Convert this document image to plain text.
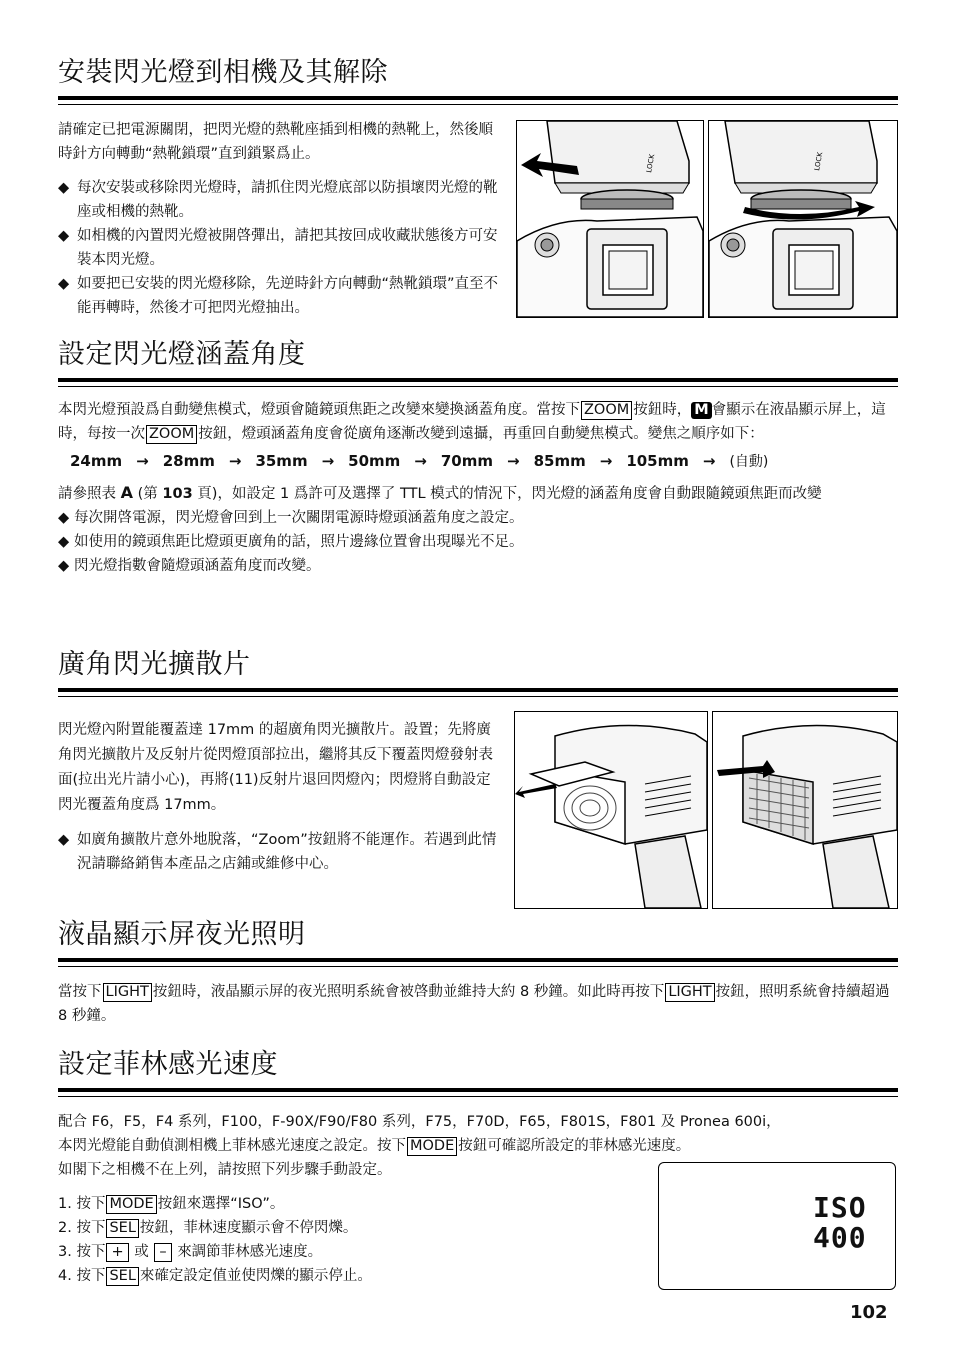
安裝閃光燈到相機及其解除
請確定已把電源關閉，把閃光燈的熱靴座插到相機的熱靴上，然後順時針方向轉動“熱靴鎖環”直到鎖緊爲止。
◆ 每次安裝或移除閃光燈時，請抓住閃光燈底部以防損壞閃光燈的靴座或相機的熱靴。
◆ 如相機的內置閃光燈被開啓彈出，請把其按回成收藏狀態後方可安裝本閃光燈。
◆ 如要把已安裝的閃光燈移除，先逆時針方向轉動“熱靴鎖環”直至不能再轉時，然後才可把閃光燈抽出。
LOCK	LOCK
設定閃光燈涵蓋角度
本閃光燈預設爲自動變焦模式，燈頭會隨鏡頭焦距之改變來變換涵蓋角度。當按下 ZOOM 按鈕時， M 會顯示在液晶顯示屏上，這時，每按一次 ZOOM 按鈕，燈頭涵蓋角度會從廣角逐漸改變到遠攝，再重回自動變焦模式。變焦之順序如下：
24mm → 28mm → 35mm → 50mm → 70mm → 85mm → 105mm → (自動)
請參照表 A (第 103 頁)，如設定 1 爲許可及選擇了 TTL 模式的情況下，閃光燈的涵蓋角度會自動跟隨鏡頭焦距而改變
◆ 每次開啓電源，閃光燈會回到上一次關閉電源時燈頭涵蓋角度之設定。
◆ 如使用的鏡頭焦距比燈頭更廣角的話，照片邊緣位置會出現曝光不足。
◆ 閃光燈指數會隨燈頭涵蓋角度而改變。
廣角閃光擴散片
閃光燈內附置能覆蓋達 17mm 的超廣角閃光擴散片。設置；先將廣角閃光擴散片及反射片從閃燈頂部拉出，繼將其反下覆蓋閃燈發射表面(拉出光片請小心)，再將(11)反射片退回閃燈內；閃燈將自動設定閃光覆蓋角度爲 17mm。
◆ 如廣角擴散片意外地脫落，“Zoom”按鈕將不能運作。若遇到此情況請聯絡銷售本產品之店鋪或維修中心。
液晶顯示屏夜光照明
當按下 LIGHT 按鈕時，液晶顯示屏的夜光照明系統會被啓動並維持大約 8 秒鐘。如此時再按下 LIGHT 按鈕，照明系統會持續超過 8 秒鐘。
設定菲林感光速度
配合 F6，F5，F4 系列，F100，F-90X/F90/F80 系列，F75，F70D，F65，F801S，F801 及 Pronea 600i，
本閃光燈能自動偵測相機上菲林感光速度之設定。按下 MODE 按鈕可確認所設定的菲林感光速度。
如閣下之相機不在上列，請按照下列步驟手動設定。
1. 按下 MODE 按鈕來選擇“ISO”。
2. 按下 SEL 按鈕，菲林速度顯示會不停閃爍。
3. 按下 + 或 – 來調節菲林感光速度。
4. 按下 SEL 來確定設定值並使閃爍的顯示停止。
ISO
400
102
